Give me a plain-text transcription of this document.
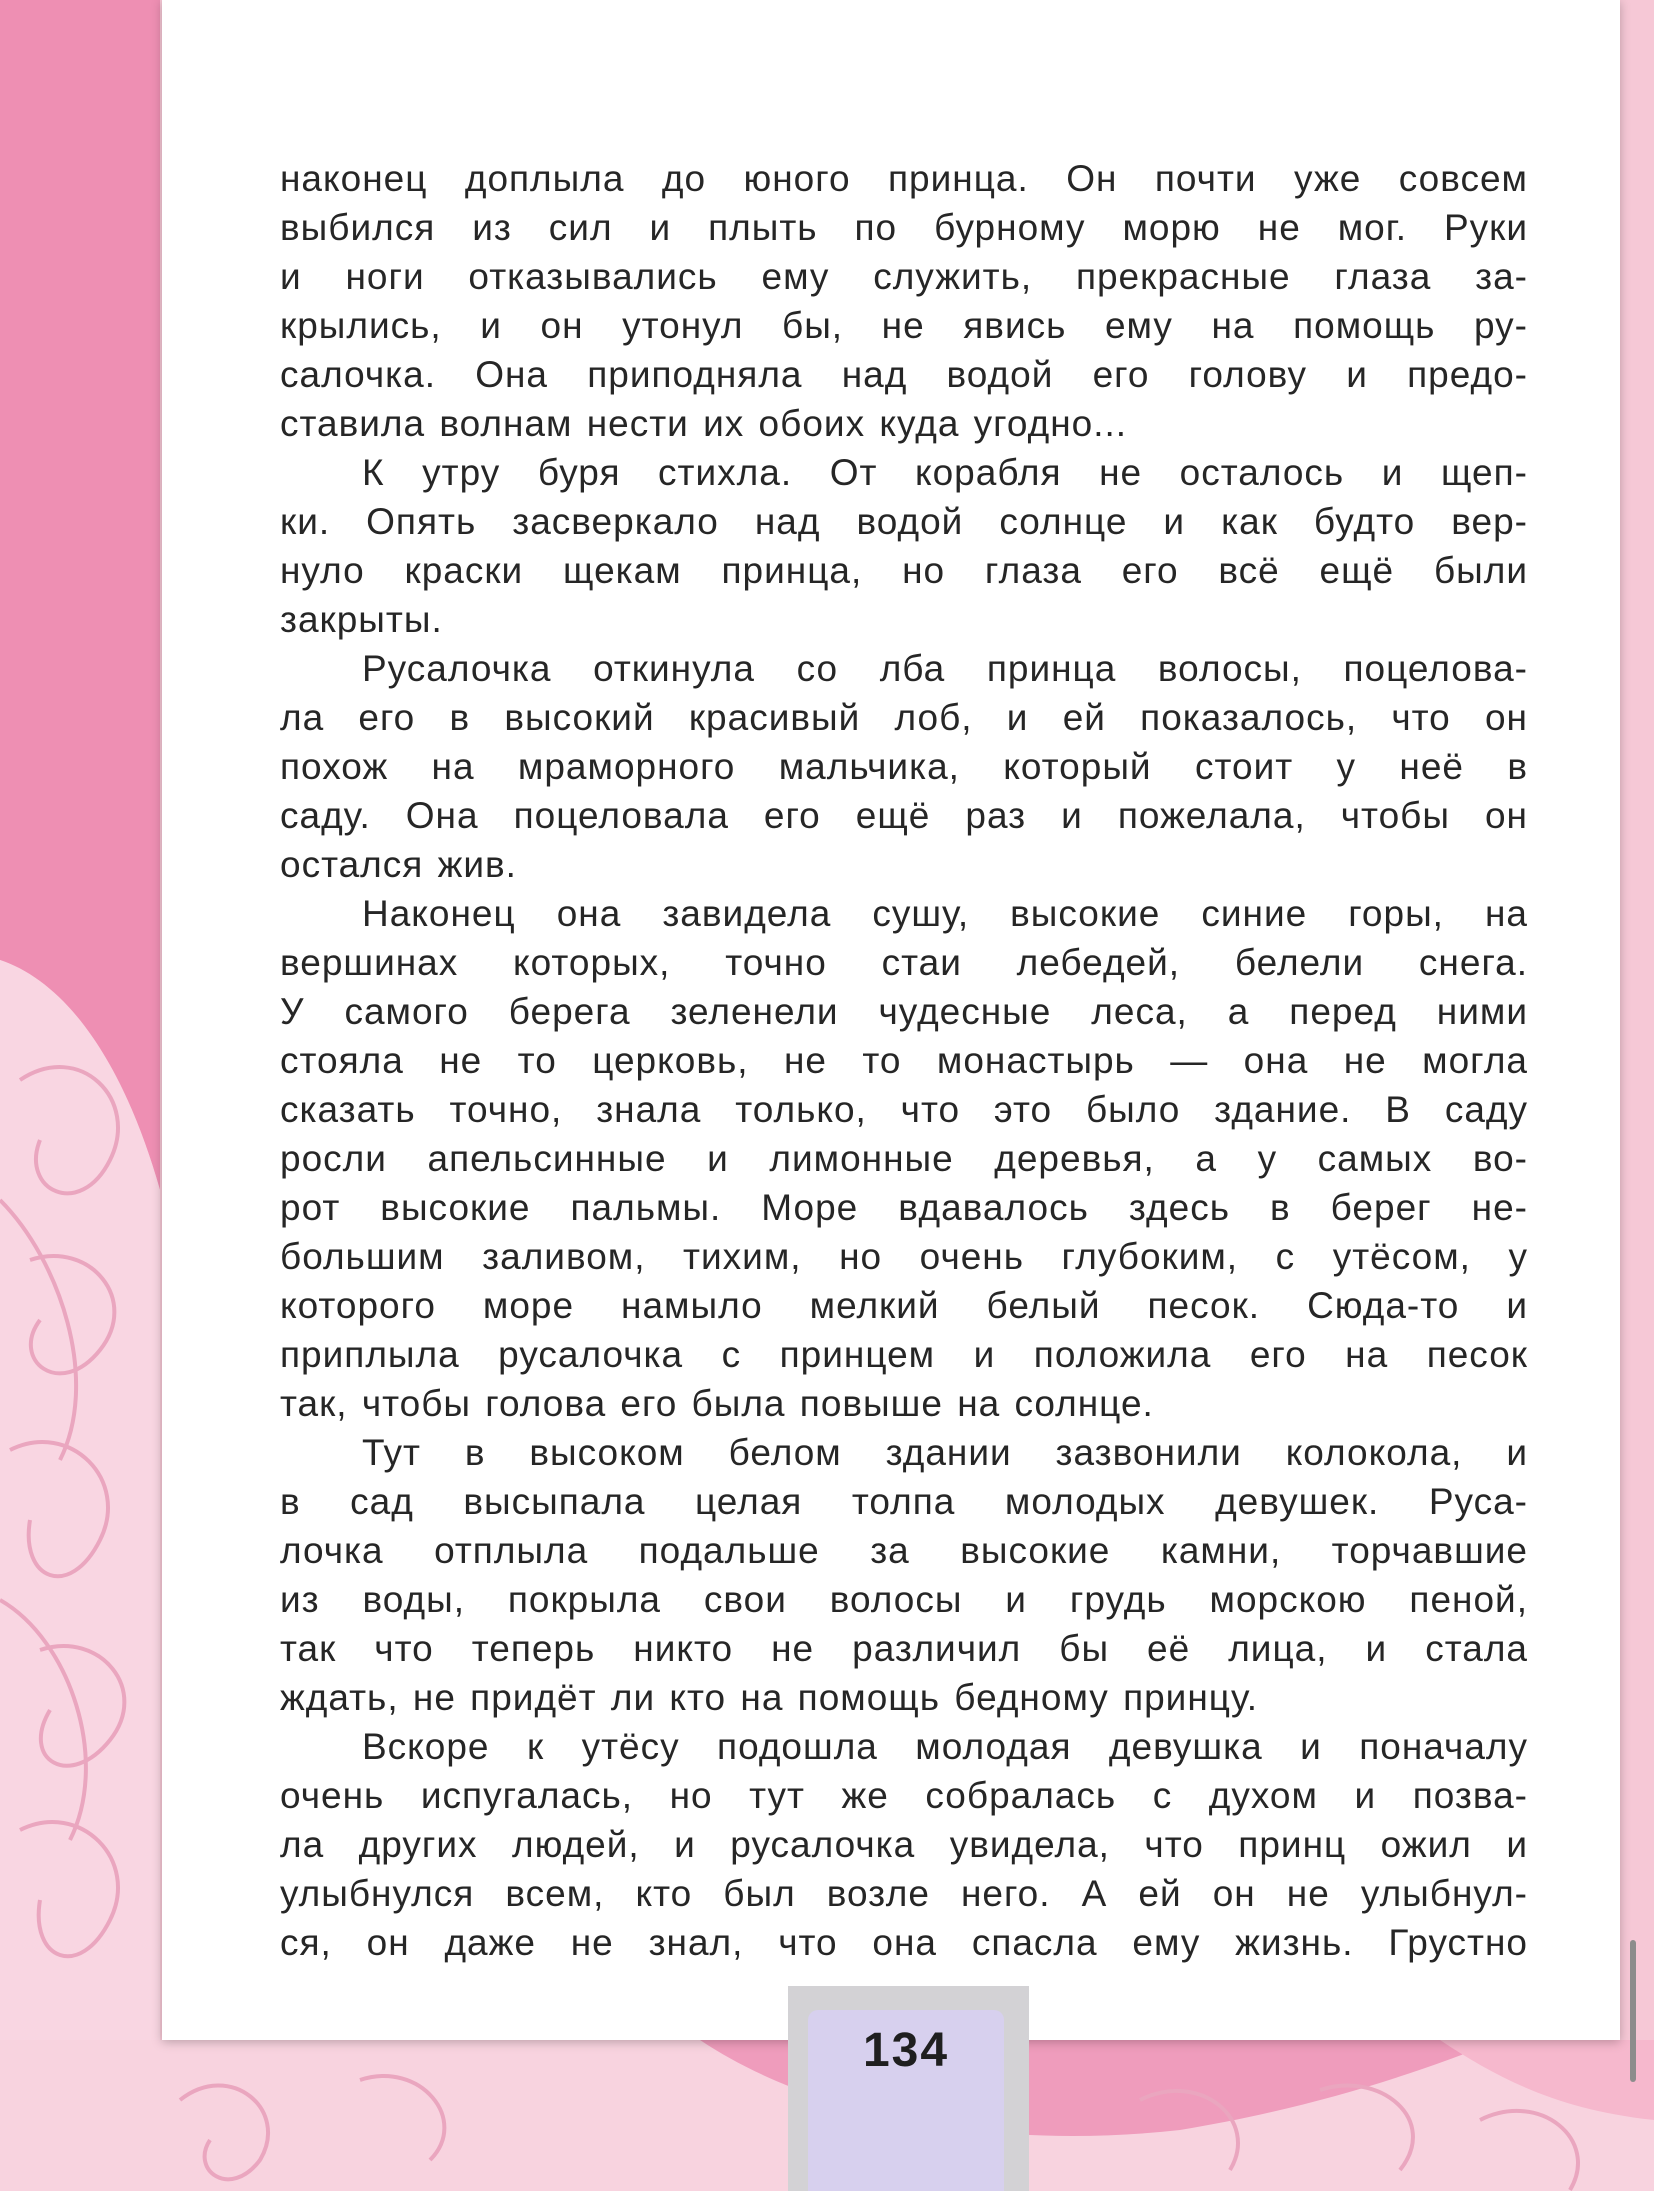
наконец доплыла до юного принца. Он почти уже совсем
выбился из сил и плыть по бурному морю не мог. Руки
и ноги отказывались ему служить, прекрасные глаза за-
крылись, и он утонул бы, не явись ему на помощь ру-
салочка. Она приподняла над водой его голову и предо-
ставила волнам нести их обоих куда угодно...
К утру буря стихла. От корабля не осталось и щеп-
ки. Опять засверкало над водой солнце и как будто вер-
нуло краски щекам принца, но глаза его всё ещё были
закрыты.
Русалочка откинула со лба принца волосы, поцелова-
ла его в высокий красивый лоб, и ей показалось, что он
похож на мраморного мальчика, который стоит у неё в
саду. Она поцеловала его ещё раз и пожелала, чтобы он
остался жив.
Наконец она завидела сушу, высокие синие горы, на
вершинах которых, точно стаи лебедей, белели снега.
У самого берега зеленели чудесные леса, а перед ними
стояла не то церковь, не то монастырь — она не могла
сказать точно, знала только, что это было здание. В саду
росли апельсинные и лимонные деревья, а у самых во-
рот высокие пальмы. Море вдавалось здесь в берег не-
большим заливом, тихим, но очень глубоким, с утёсом, у
которого море намыло мелкий белый песок. Сюда-то и
приплыла русалочка с принцем и положила его на песок
так, чтобы голова его была повыше на солнце.
Тут в высоком белом здании зазвонили колокола, и
в сад высыпала целая толпа молодых девушек. Руса-
лочка отплыла подальше за высокие камни, торчавшие
из воды, покрыла свои волосы и грудь морскою пеной,
так что теперь никто не различил бы её лица, и стала
ждать, не придёт ли кто на помощь бедному принцу.
Вскоре к утёсу подошла молодая девушка и поначалу
очень испугалась, но тут же собралась с духом и позва-
ла других людей, и русалочка увидела, что принц ожил и
улыбнулся всем, кто был возле него. А ей он не улыбнул-
ся, он даже не знал, что она спасла ему жизнь. Грустно
134
